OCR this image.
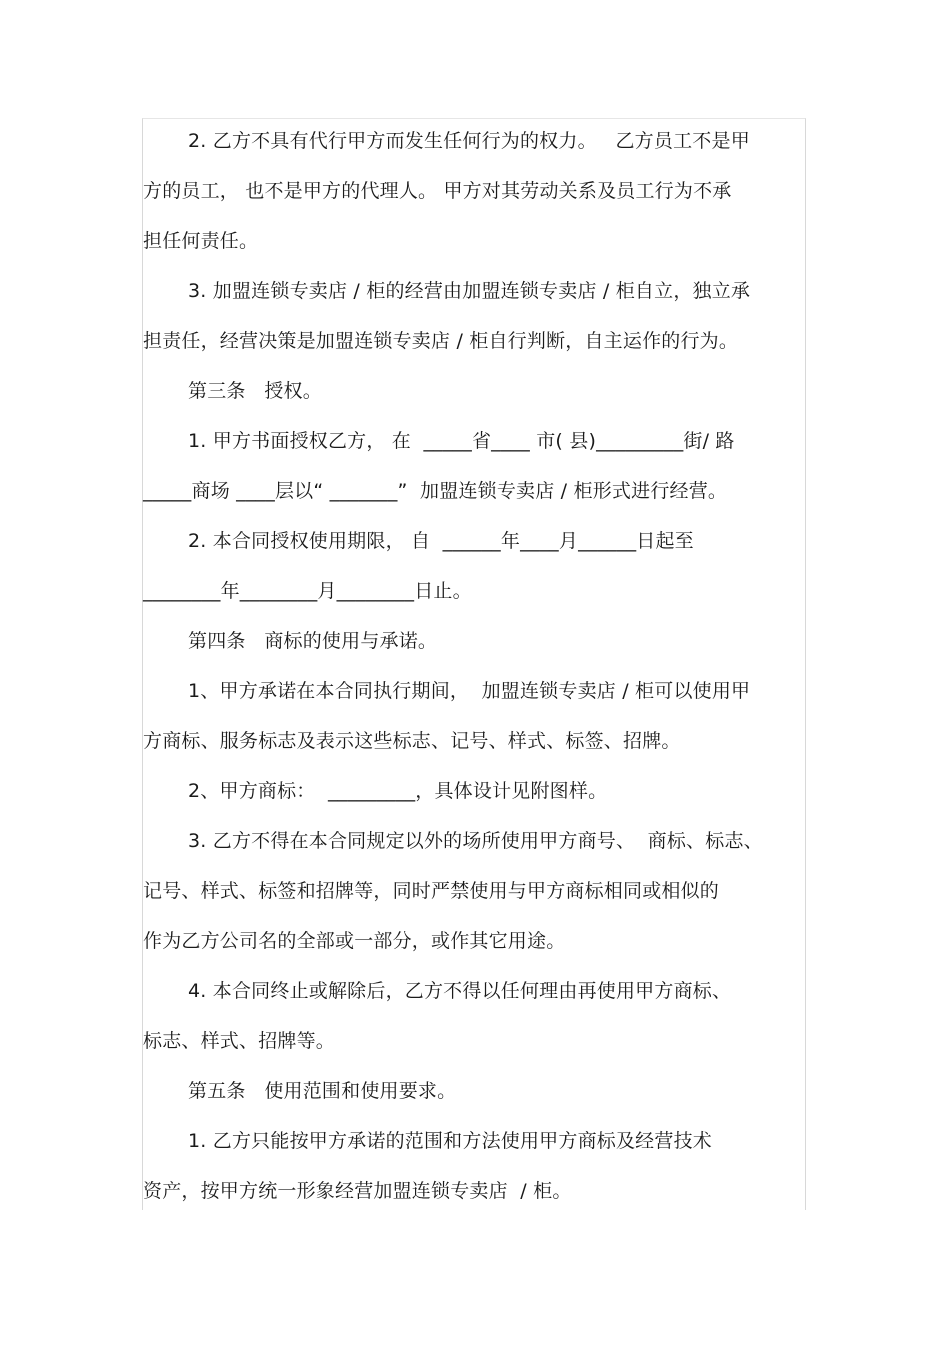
2. 乙方不具有代行甲方而发生任何行为的权力。   乙方员工不是甲
方的员工， 也不是甲方的代理人。 甲方对其劳动关系及员工行为不承
担任何责任。
3. 加盟连锁专卖店 / 柜的经营由加盟连锁专卖店 / 柜自立，独立承
担责任，经营决策是加盟连锁专卖店 / 柜自行判断，自主运作的行为。
第三条   授权。
1. 甲方书面授权乙方， 在  _____省____ 市( 县)_________街/ 路
_____商场 ____层以“ _______”  加盟连锁专卖店 / 柜形式进行经营。
2. 本合同授权使用期限， 自  ______年____月______日起至
________年________月________日止。
第四条   商标的使用与承诺。
1、甲方承诺在本合同执行期间，  加盟连锁专卖店 / 柜可以使用甲
方商标、服务标志及表示这些标志、记号、样式、标签、招牌。
2、甲方商标：  _________，具体设计见附图样。
3. 乙方不得在本合同规定以外的场所使用甲方商号、  商标、标志、
记号、样式、标签和招牌等，同时严禁使用与甲方商标相同或相似的
作为乙方公司名的全部或一部分，或作其它用途。
4. 本合同终止或解除后，乙方不得以任何理由再使用甲方商标、
标志、样式、招牌等。
第五条   使用范围和使用要求。
1. 乙方只能按甲方承诺的范围和方法使用甲方商标及经营技术
资产，按甲方统一形象经营加盟连锁专卖店  / 柜。
